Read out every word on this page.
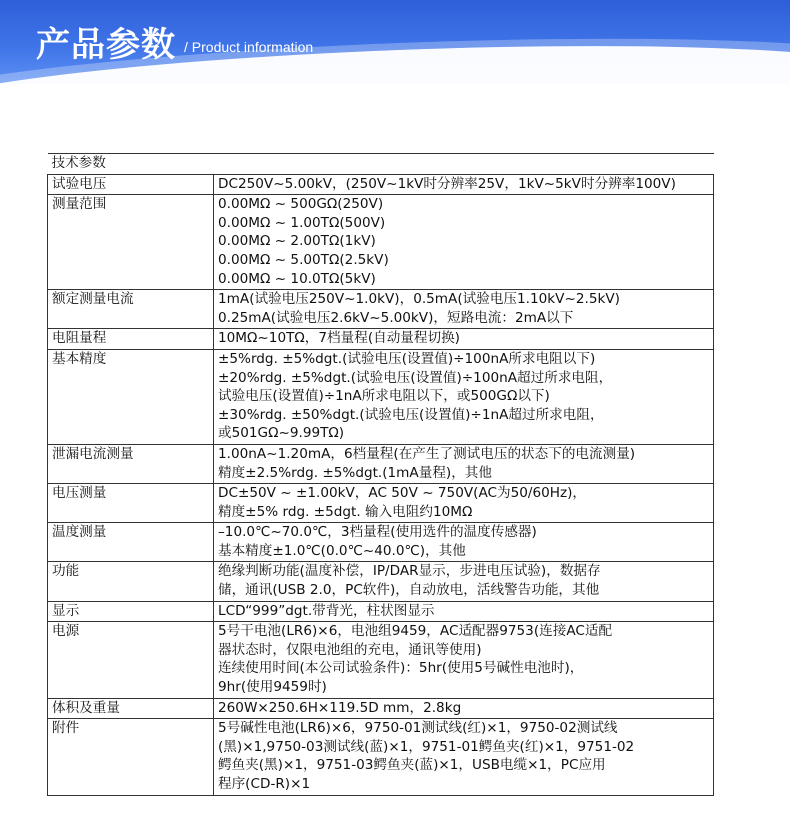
产品参数 / Product information
技术参数	
试验电压	DC250V~5.00kV，(250V~1kV时分辨率25V，1kV~5kV时分辨率100V)

测量范围	0.00MΩ ~ 500GΩ(250V)
0.00MΩ ~ 1.00TΩ(500V)
0.00MΩ ~ 2.00TΩ(1kV)
0.00MΩ ~ 5.00TΩ(2.5kV)
0.00MΩ ~ 10.0TΩ(5kV)

额定测量电流	1mA(试验电压250V~1.0kV)，0.5mA(试验电压1.10kV~2.5kV)
0.25mA(试验电压2.6kV~5.00kV)，短路电流：2mA以下

电阻量程	10MΩ~10TΩ，7档量程(自动量程切换)

基本精度	±5%rdg. ±5%dgt.(试验电压(设置值)÷100nA所求电阻以下)
±20%rdg. ±5%dgt.(试验电压(设置值)÷100nA超过所求电阻，
试验电压(设置值)÷1nA所求电阻以下，或500GΩ以下)
±30%rdg. ±50%dgt.(试验电压(设置值)÷1nA超过所求电阻，
或501GΩ~9.99TΩ)

泄漏电流测量	1.00nA~1.20mA，6档量程(在产生了测试电压的状态下的电流测量)
精度±2.5%rdg. ±5%dgt.(1mA量程)，其他

电压测量	DC±50V ~ ±1.00kV，AC 50V ~ 750V(AC为50/60Hz)，
精度±5% rdg. ±5dgt. 输入电阻约10MΩ

温度测量	–10.0℃~70.0℃，3档量程(使用选件的温度传感器)
基本精度±1.0℃(0.0℃~40.0℃)，其他

功能	绝缘判断功能(温度补偿，IP/DAR显示，步进电压试验)，数据存
储，通讯(USB 2.0，PC软件)，自动放电，活线警告功能，其他

显示	LCD“999”dgt.带背光，柱状图显示

电源	5号干电池(LR6)×6，电池组9459，AC适配器9753(连接AC适配
器状态时，仅限电池组的充电，通讯等使用)
连续使用时间(本公司试验条件)：5hr(使用5号碱性电池时)，
9hr(使用9459时)

体积及重量	260W×250.6H×119.5D mm，2.8kg

附件	5号碱性电池(LR6)×6，9750-01测试线(红)×1，9750-02测试线
(黑)×1,9750-03测试线(蓝)×1，9751-01鳄鱼夹(红)×1，9751-02
鳄鱼夹(黑)×1，9751-03鳄鱼夹(蓝)×1，USB电缆×1，PC应用
程序(CD-R)×1
